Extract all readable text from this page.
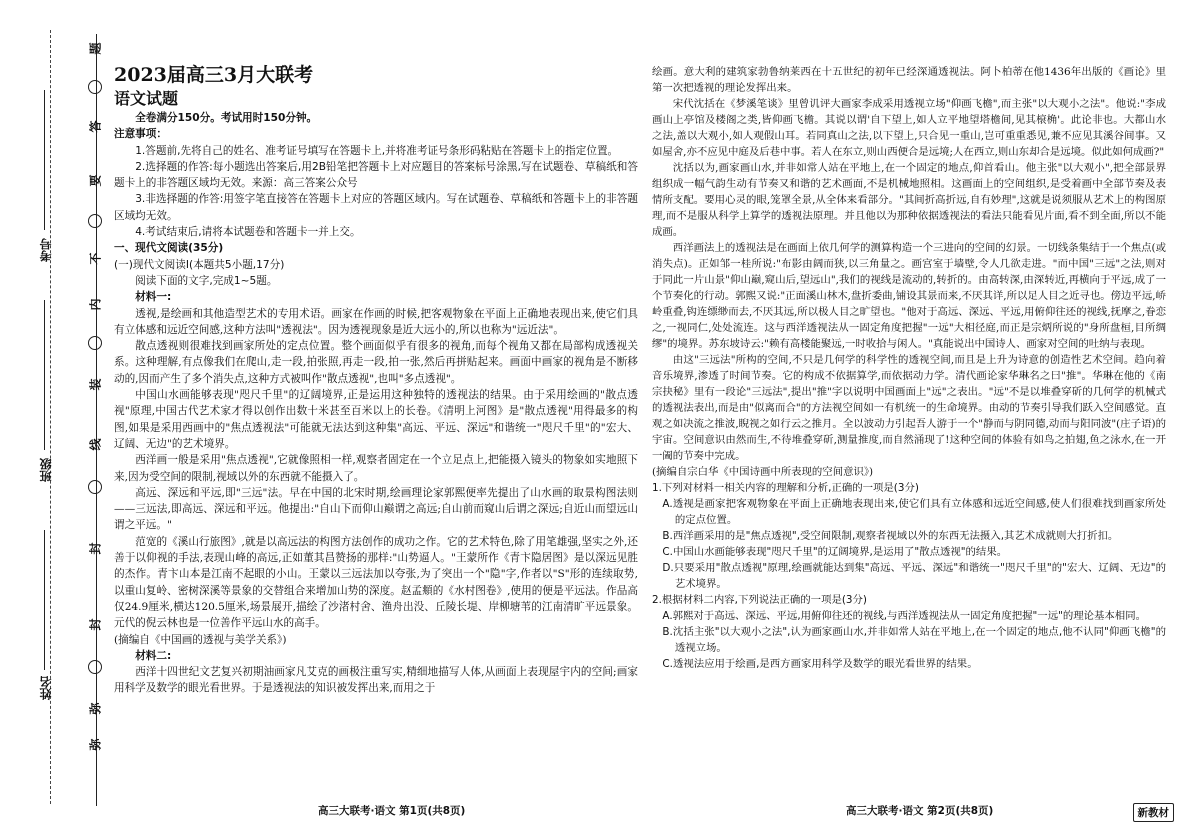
姓名
班级
考号
弥
弥
封
封
线
装
内
不
要
答
题

2023届高三3月大联考

语文试题

全卷满分150分。考试用时150分钟。

注意事项：

1.答题前,先将自己的姓名、准考证号填写在答题卡上,并将准考证号条形码粘贴在答题卡上的指定位置。

2.选择题的作答:每小题选出答案后,用2B铅笔把答题卡上对应题目的答案标号涂黑,写在试题卷、草稿纸和答题卡上的非答题区域均无效。来源：高三答案公众号

3.非选择题的作答:用签字笔直接答在答题卡上对应的答题区域内。写在试题卷、草稿纸和答题卡上的非答题区域均无效。

4.考试结束后,请将本试题卷和答题卡一并上交。

一、现代文阅读(35分)

(一)现代文阅读Ⅰ(本题共5小题,17分)

阅读下面的文字,完成1~5题。

材料一:

透视,是绘画和其他造型艺术的专用术语。画家在作画的时候,把客观物象在平面上正确地表现出来,使它们具有立体感和远近空间感,这种方法叫"透视法"。因为透视现象是近大远小的,所以也称为"远近法"。

散点透视则很难找到画家所处的定点位置。整个画面似乎有很多的视角,而每个视角又都在局部构成透视关系。这种理解,有点像我们在爬山,走一段,拍张照,再走一段,拍一张,然后再拼贴起来。画面中画家的视角是不断移动的,因而产生了多个消失点,这种方式被叫作"散点透视",也叫"多点透视"。

中国山水画能够表现"咫尺千里"的辽阔境界,正是运用这种独特的透视法的结果。由于采用绘画的"散点透视"原理,中国古代艺术家才得以创作出数十米甚至百米以上的长卷。《清明上河图》是"散点透视"用得最多的构图,如果是采用西画中的"焦点透视法"可能就无法达到这种集"高远、平远、深远"和谐统一"咫尺千里"的"宏大、辽阔、无边"的艺术境界。

西洋画一般是采用"焦点透视",它就像照相一样,观察者固定在一个立足点上,把能摄入镜头的物象如实地照下来,因为受空间的限制,视域以外的东西就不能摄入了。

高远、深远和平远,即"三远"法。早在中国的北宋时期,绘画理论家郭熙便率先提出了山水画的取景构图法则——三远法,即高远、深远和平远。他提出:"自山下而仰山巅谓之高远;自山前而窥山后谓之深远;自近山而望远山谓之平远。"

范宽的《溪山行旅图》,就是以高远法的构图方法创作的成功之作。它的艺术特色,除了用笔雄强,坚实之外,还善于以仰视的手法,表现山峰的高远,正如董其昌赞扬的那样:"山势逼人。"王蒙所作《青卞隐居图》是以深远见胜的杰作。青卞山本是江南不起眼的小山。王蒙以三远法加以夸张,为了突出一个"隐"字,作者以"S"形的连续取势,以重山复岭、密树深溪等景象的交替组合来增加山势的深度。赵孟頫的《水村图卷》,使用的便是平远法。作品高仅24.9厘米,横达120.5厘米,场景展开,描绘了沙渚村舍、渔舟出没、丘陵长堤、岸柳塘苇的江南清旷平远景象。元代的倪云林也是一位善作平远山水的高手。

(摘编自《中国画的透视与美学关系》)

材料二:

西洋十四世纪文艺复兴初期油画家凡艾克的画极注重写实,精细地描写人体,从画面上表现屋宇内的空间;画家用科学及数学的眼光看世界。于是透视法的知识被发挥出来,而用之于

高三大联考·语文 第1页(共8页)

绘画。意大利的建筑家勃鲁纳莱西在十五世纪的初年已经深通透视法。阿卜柏蒂在他1436年出版的《画论》里第一次把透视的理论发挥出来。

宋代沈括在《梦溪笔谈》里曾讥评大画家李成采用透视立场"仰画飞檐",而主张"以大观小之法"。他说:"李成画山上亭馆及楼阁之类,皆仰画飞檐。其说以谓'自下望上,如人立平地望塔檐间,见其榱桷'。此论非也。大都山水之法,盖以大观小,如人观假山耳。若同真山之法,以下望上,只合见一重山,岂可重重悉见,兼不应见其溪谷间事。又如屋舍,亦不应见中庭及后巷中事。若人在东立,则山西便合是远境;人在西立,则山东却合是远境。似此如何成画?"

沈括以为,画家画山水,并非如常人站在平地上,在一个固定的地点,仰首看山。他主张"以大观小",把全部景界组织成一幅气韵生动有节奏又和谐的艺术画面,不是机械地照相。这画面上的空间组织,是受着画中全部节奏及表情所支配。要用心灵的眼,笼罩全景,从全体来看部分。"其间折高折远,自有妙理",这就是说须服从艺术上的构图原理,而不是服从科学上算学的透视法原理。并且他以为那种依据透视法的看法只能看见片面,看不到全面,所以不能成画。

西洋画法上的透视法是在画面上依几何学的测算构造一个三进向的空间的幻景。一切线条集结于一个焦点(或消失点)。正如邹一桂所说:"布影由阔而狭,以三角量之。画宫室于墙壁,令人几欲走进。"而中国"三远"之法,则对于同此一片山景"仰山巅,窥山后,望远山",我们的视线是流动的,转折的。由高转深,由深转近,再横向于平远,成了一个节奏化的行动。郭熙又说:"正面溪山林木,盘折委曲,铺设其景而来,不厌其详,所以足人目之近寻也。傍边平远,峤岭重叠,钩连缥缈而去,不厌其远,所以极人目之旷望也。"他对于高远、深远、平远,用俯仰往还的视线,抚摩之,眷恋之,一视同仁,处处流连。这与西洋透视法从一固定角度把握"一远"大相径庭,而正是宗炳所说的"身所盘桓,目所绸缪"的境界。苏东坡诗云:"赖有高楼能聚远,一时收拾与闲人。"真能说出中国诗人、画家对空间的吐纳与表现。

由这"三远法"所构的空间,不只是几何学的科学性的透视空间,而且是上升为诗意的创造性艺术空间。趋向着音乐境界,渗透了时间节奏。它的构成不依据算学,而依据动力学。清代画论家华琳名之曰"推"。华琳在他的《南宗抉秘》里有一段论"三远法",提出"推"字以说明中国画面上"远"之表出。"远"不是以堆叠穿斫的几何学的机械式的透视法表出,而是由"似离而合"的方法视空间如一有机统一的生命境界。由动的节奏引导我们跃入空间感觉。直观之如决流之推波,睨视之如行云之推月。全以波动力引起吾人游于一个"静而与阴同德,动而与阳同波"(庄子语)的宇宙。空间意识由然而生,不待堆叠穿斫,测量推度,而自然涌现了!这种空间的体验有如鸟之拍翅,鱼之泳水,在一开一阖的节奏中完成。

(摘编自宗白华《中国诗画中所表现的空间意识》)

1.下列对材料一相关内容的理解和分析,正确的一项是(3分)

A.透视是画家把客观物象在平面上正确地表现出来,使它们具有立体感和远近空间感,使人们很难找到画家所处的定点位置。

B.西洋画采用的是"焦点透视",受空间限制,观察者视域以外的东西无法摄入,其艺术成就则大打折扣。

C.中国山水画能够表现"咫尺千里"的辽阔境界,是运用了"散点透视"的结果。

D.只要采用"散点透视"原理,绘画就能达到集"高远、平远、深远"和谐统一"咫尺千里"的"宏大、辽阔、无边"的艺术境界。

2.根据材料二内容,下列说法正确的一项是(3分)

A.郭熙对于高远、深远、平远,用俯仰往还的视线,与西洋透视法从一固定角度把握"一远"的理论基本相同。

B.沈括主张"以大观小之法",认为画家画山水,并非如常人站在平地上,在一个固定的地点,他不认同"仰画飞檐"的透视立场。

C.透视法应用于绘画,是西方画家用科学及数学的眼光看世界的结果。

高三大联考·语文 第2页(共8页)	新教材
